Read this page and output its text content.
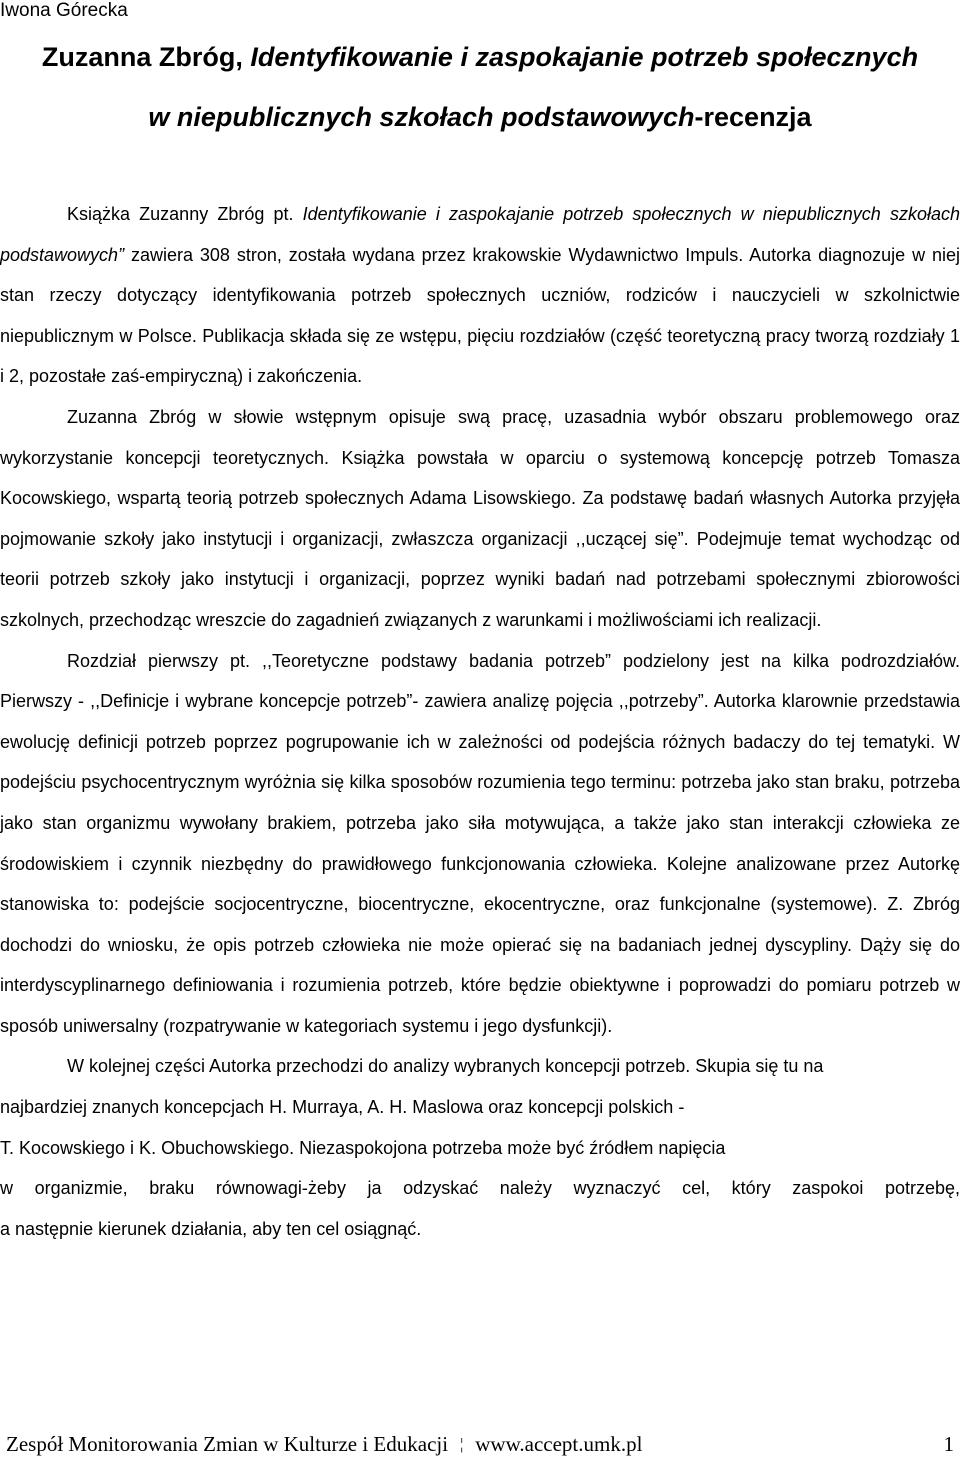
Iwona Górecka
Zuzanna Zbróg, Identyfikowanie i zaspokajanie potrzeb społecznych
w niepublicznych szkołach podstawowych-recenzja

Książka Zuzanny Zbróg pt. Identyfikowanie i zaspokajanie potrzeb społecznych w niepublicznych szkołach podstawowych” zawiera 308 stron, została wydana przez krakowskie Wydawnictwo Impuls. Autorka diagnozuje w niej stan rzeczy dotyczący identyfikowania potrzeb społecznych uczniów, rodziców i nauczycieli w szkolnictwie niepublicznym w Polsce. Publikacja składa się ze wstępu, pięciu rozdziałów (część teoretyczną pracy tworzą rozdziały 1 i 2, pozostałe zaś-empiryczną) i zakończenia.

Zuzanna Zbróg w słowie wstępnym opisuje swą pracę, uzasadnia wybór obszaru problemowego oraz wykorzystanie koncepcji teoretycznych. Książka powstała w oparciu o systemową koncepcję potrzeb Tomasza Kocowskiego, wspartą teorią potrzeb społecznych Adama Lisowskiego. Za podstawę badań własnych Autorka przyjęła pojmowanie szkoły jako instytucji i organizacji, zwłaszcza organizacji ,,uczącej się”. Podejmuje temat wychodząc od teorii potrzeb szkoły jako instytucji i organizacji, poprzez wyniki badań nad potrzebami społecznymi zbiorowości szkolnych, przechodząc wreszcie do zagadnień związanych z warunkami i możliwościami ich realizacji.

Rozdział pierwszy pt. ,,Teoretyczne podstawy badania potrzeb” podzielony jest na kilka podrozdziałów. Pierwszy - ,,Definicje i wybrane koncepcje potrzeb”- zawiera analizę pojęcia ,,potrzeby”. Autorka klarownie przedstawia ewolucję definicji potrzeb poprzez pogrupowanie ich w zależności od podejścia różnych badaczy do tej tematyki. W podejściu psychocentrycznym wyróżnia się kilka sposobów rozumienia tego terminu: potrzeba jako stan braku, potrzeba jako stan organizmu wywołany brakiem, potrzeba jako siła motywująca, a także jako stan interakcji człowieka ze środowiskiem i czynnik niezbędny do prawidłowego funkcjonowania człowieka. Kolejne analizowane przez Autorkę stanowiska to: podejście socjocentryczne, biocentryczne, ekocentryczne, oraz funkcjonalne (systemowe). Z. Zbróg dochodzi do wniosku, że opis potrzeb człowieka nie może opierać się na badaniach jednej dyscypliny. Dąży się do interdyscyplinarnego definiowania i rozumienia potrzeb, które będzie obiektywne i poprowadzi do pomiaru potrzeb w sposób uniwersalny (rozpatrywanie w kategoriach systemu i jego dysfunkcji).

W kolejnej części Autorka przechodzi do analizy wybranych koncepcji potrzeb. Skupia się tu na
najbardziej znanych koncepcjach H. Murraya, A. H. Maslowa oraz koncepcji polskich -
T. Kocowskiego i K. Obuchowskiego. Niezaspokojona potrzeba może być źródłem napięcia
w organizmie, braku równowagi-żeby ja odzyskać należy wyznaczyć cel, który zaspokoi potrzebę,
a następnie kierunek działania, aby ten cel osiągnąć.

Zespół Monitorowania Zmian w Kulturze i Edukacji ¦ www.accept.umk.pl	1
